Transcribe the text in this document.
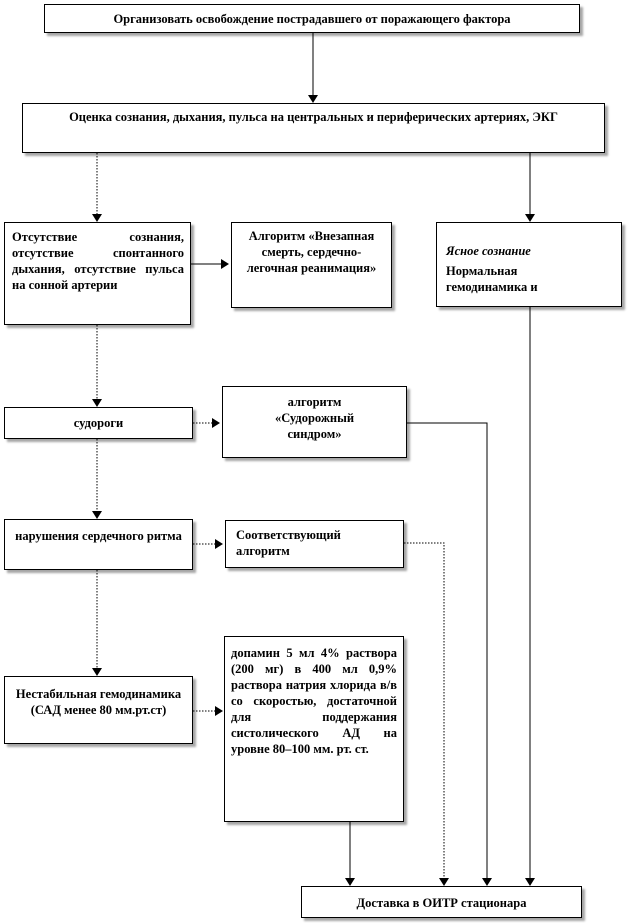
Организовать освобождение пострадавшего от поражающего фактора
Оценка сознания, дыхания, пульса на центральных и периферических артериях, ЭКГ
Отсутствие сознания, отсутствие спонтанного дыхания, отсутствие пульса на сонной артерии
Алгоритм «Внезапная смерть, сердечно-легочная реанимация»
Ясное сознание
Нормальная гемодинамика и
судороги
алгоритм «Судорожный синдром»
нарушения сердечного ритма	Соответствующий алгоритм
Нестабильная гемодинамика (САД менее 80 мм.рт.ст)
допамин 5 мл 4% раствора (200 мг) в 400 мл 0,9% раствора натрия хлорида в/в со скоростью, достаточной для поддержания систолического АД на уровне 80–100 мм. рт. ст.
Доставка в ОИТР стационара
